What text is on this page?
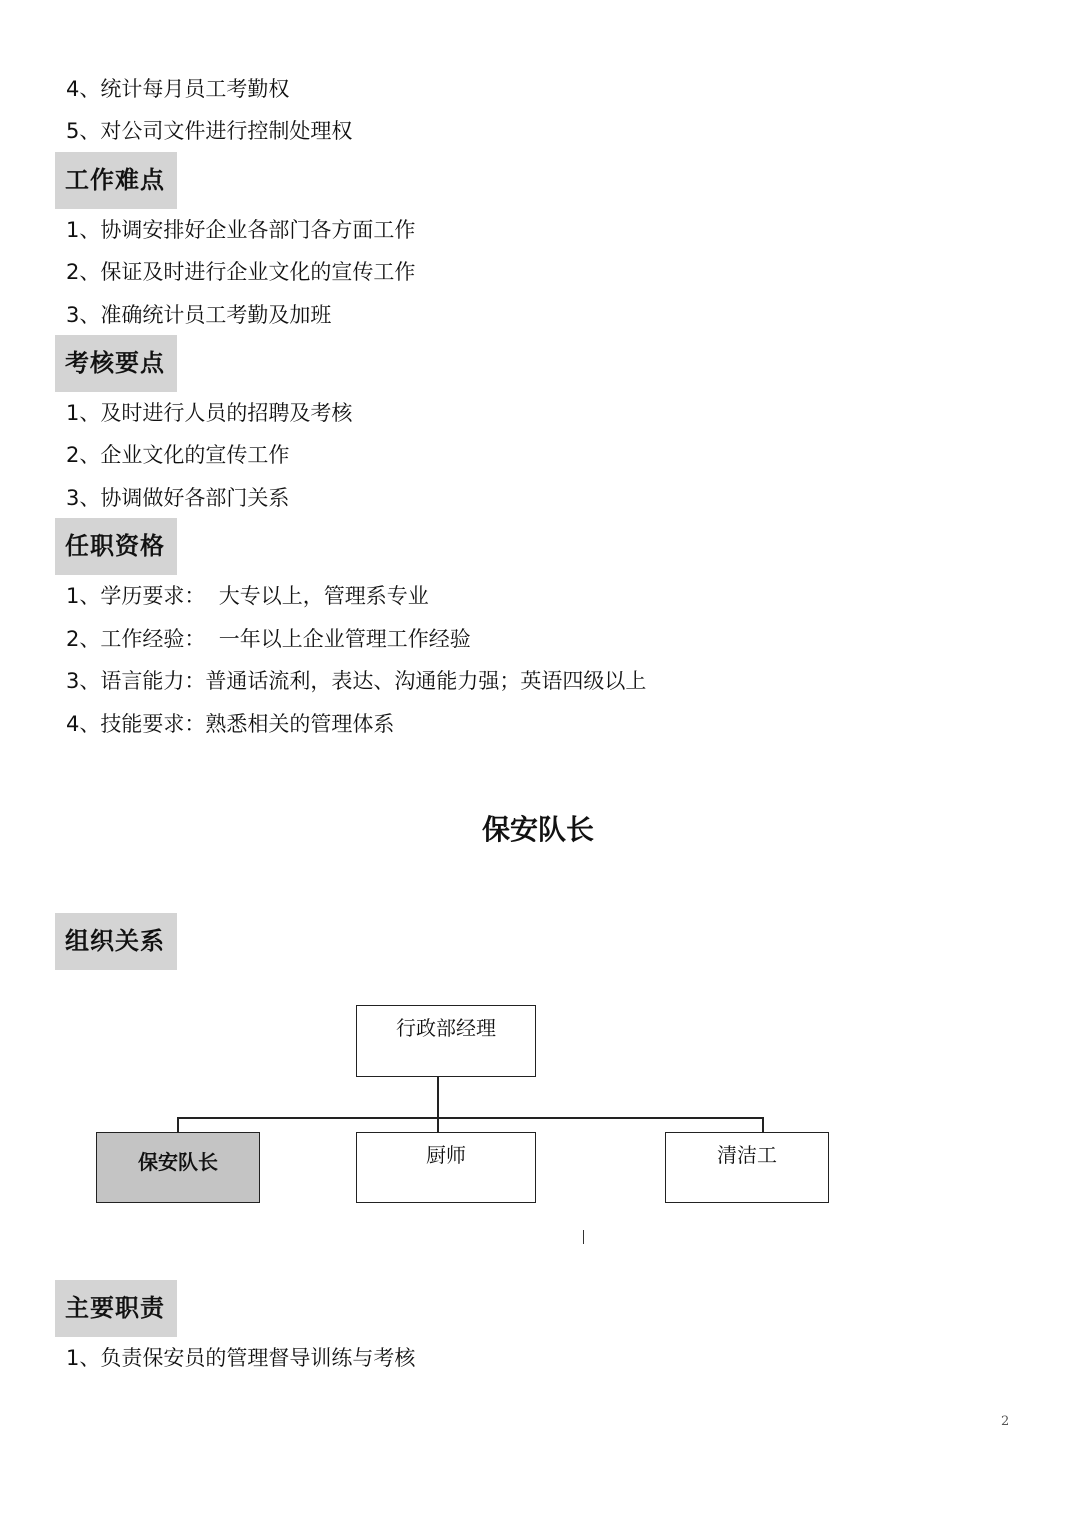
4、统计每月员工考勤权

5、对公司文件进行控制处理权

工作难点

1、协调安排好企业各部门各方面工作

2、保证及时进行企业文化的宣传工作

3、准确统计员工考勤及加班

考核要点

1、及时进行人员的招聘及考核

2、企业文化的宣传工作

3、协调做好各部门关系

任职资格

1、学历要求：  大专以上，管理系专业

2、工作经验：  一年以上企业管理工作经验

3、语言能力：普通话流利，表达、沟通能力强；英语四级以上

4、技能要求：熟悉相关的管理体系

保安队长
组织关系
行政部经理
保安队长	厨师	清洁工
主要职责

1、负责保安员的管理督导训练与考核

2
